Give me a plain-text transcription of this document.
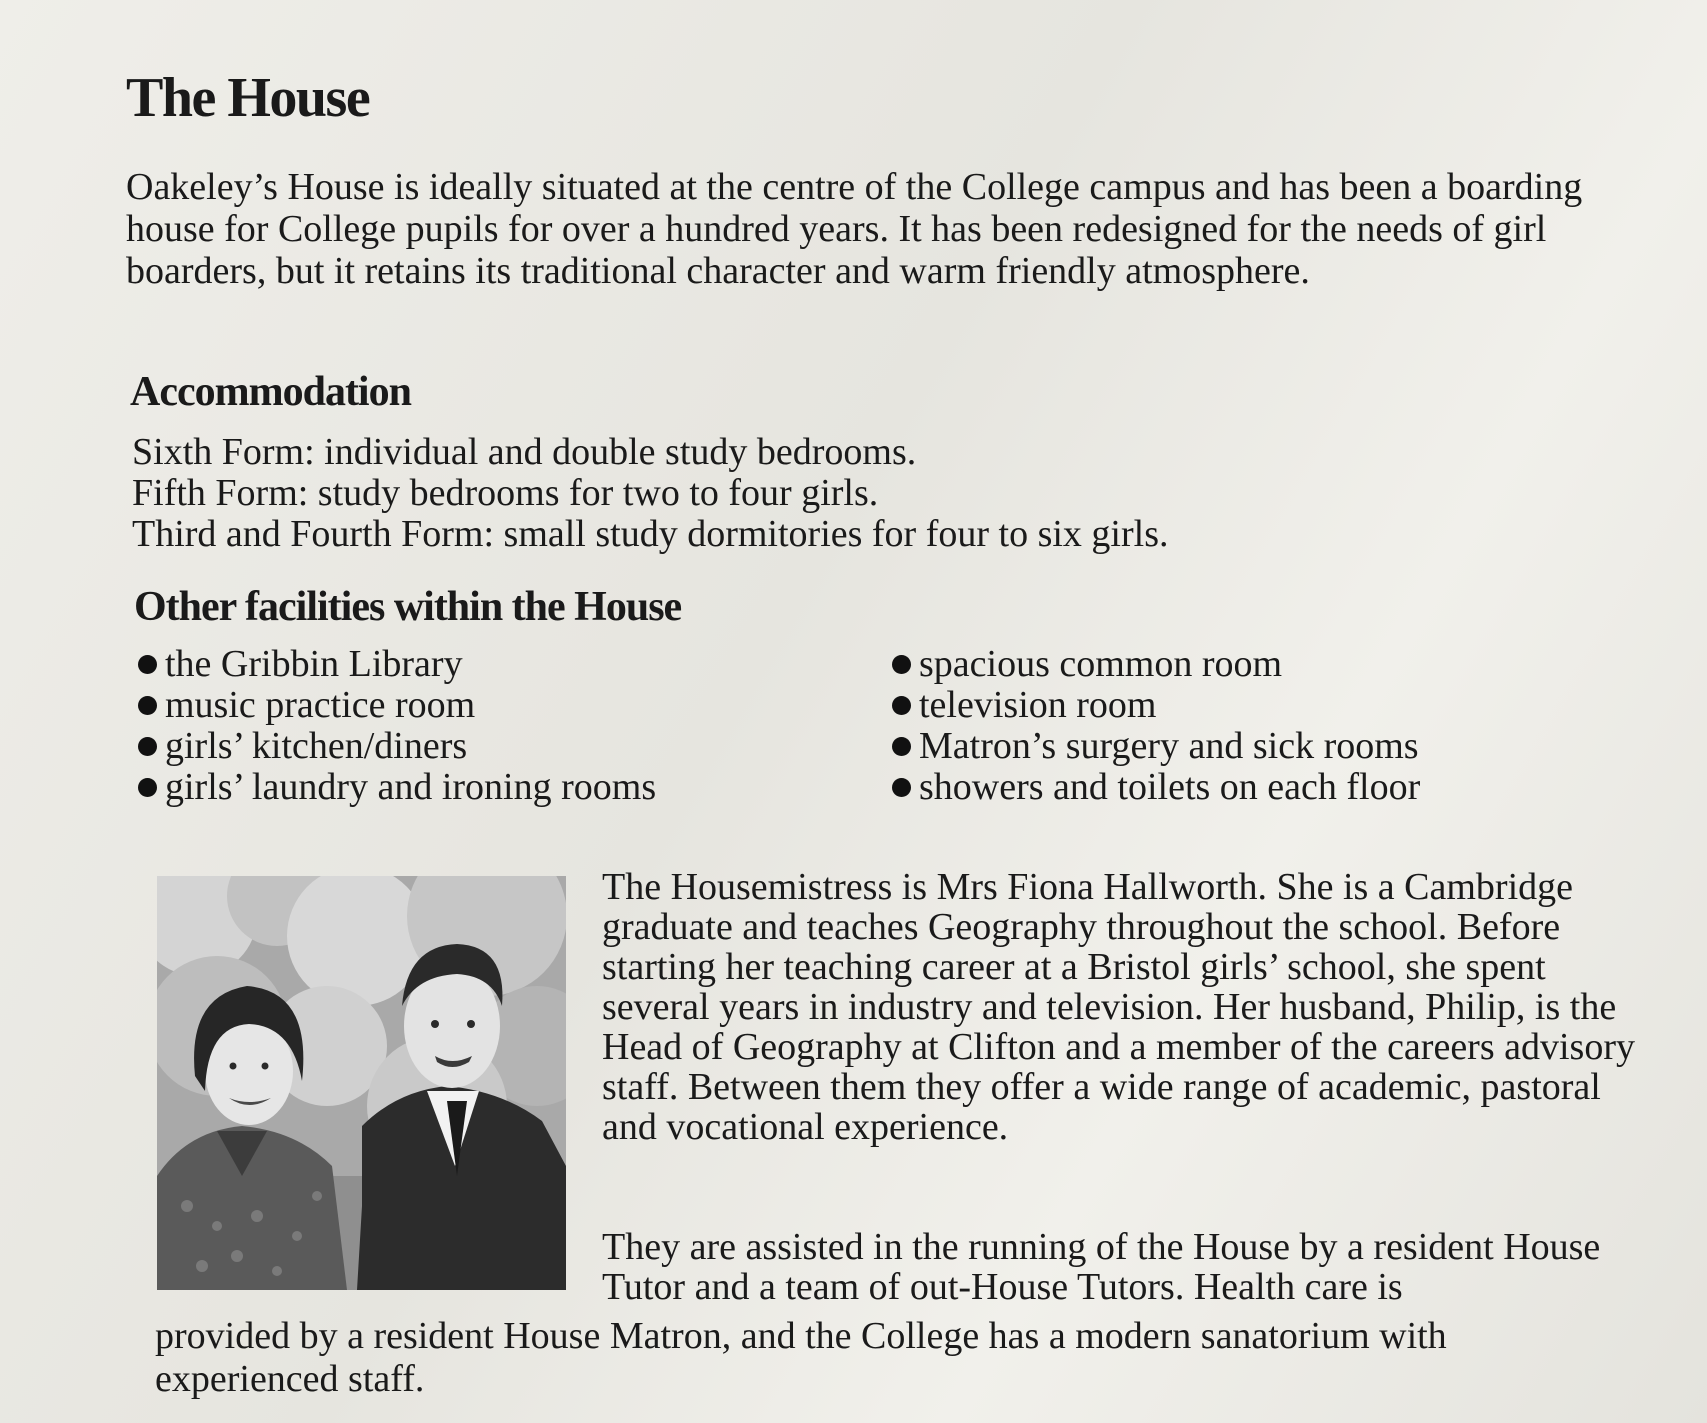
The House

Oakeley’s House is ideally situated at the centre of the College campus and has been a boarding house for College pupils for over a hundred years. It has been redesigned for the needs of girl boarders, but it retains its traditional character and warm friendly atmosphere.

Accommodation
Sixth Form: individual and double study bedrooms.
Fifth Form: study bedrooms for two to four girls.
Third and Fourth Form: small study dormitories for four to six girls.
Other facilities within the House
the Gribbin Library
music practice room
girls’ kitchen/diners
girls’ laundry and ironing rooms
spacious common room
television room
Matron’s surgery and sick rooms
showers and toilets on each floor

The Housemistress is Mrs Fiona Hallworth. She is a Cambridge graduate and teaches Geography throughout the school. Before starting her teaching career at a Bristol girls’ school, she spent several years in industry and television. Her husband, Philip, is the Head of Geography at Clifton and a member of the careers advisory staff. Between them they offer a wide range of academic, pastoral and vocational experience.

They are assisted in the running of the House by a resident House Tutor and a team of out-House Tutors. Health care is

provided by a resident House Matron, and the College has a modern sanatorium with experienced staff.
